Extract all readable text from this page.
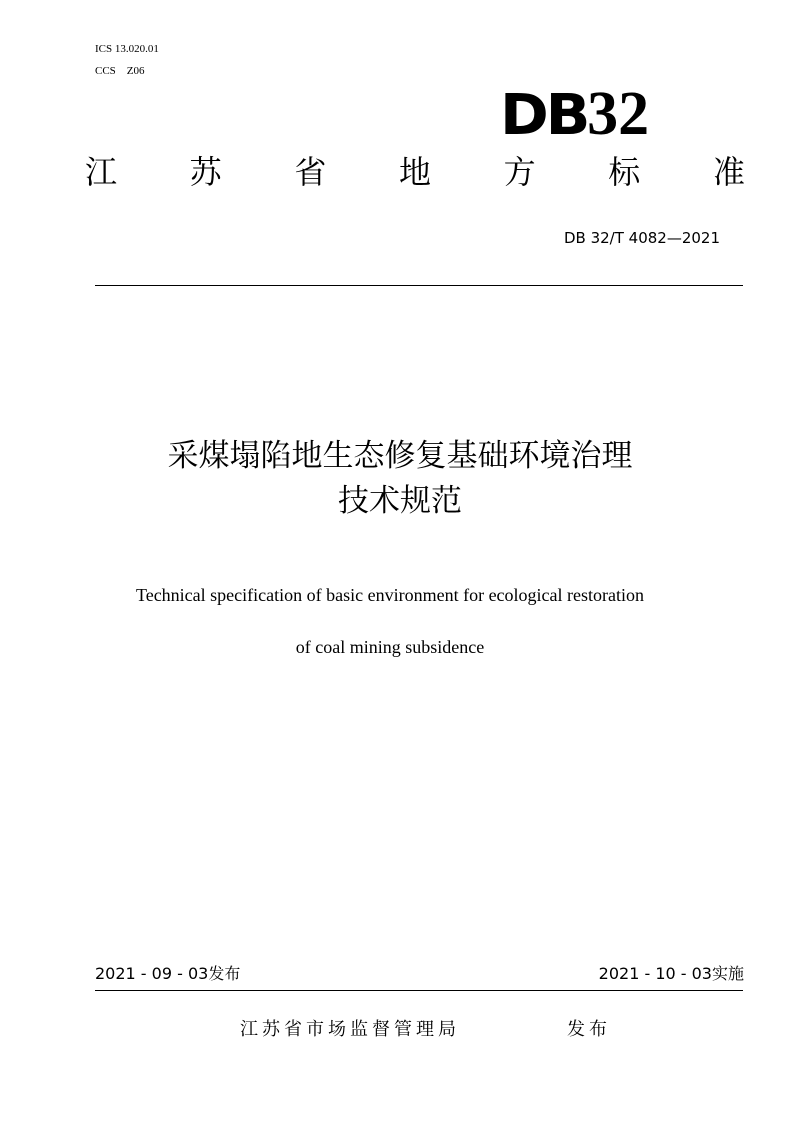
ICS 13.020.01
CCS　Z06
DB 32
江 苏 省 地 方 标 准
DB 32/T 4082—2021
采煤塌陷地生态修复基础环境治理
技术规范
Technical specification of basic environment for ecological restoration
of coal mining subsidence
2021 - 09 - 03发布	2021 - 10 - 03实施
江苏省市场监督管理局	发布
